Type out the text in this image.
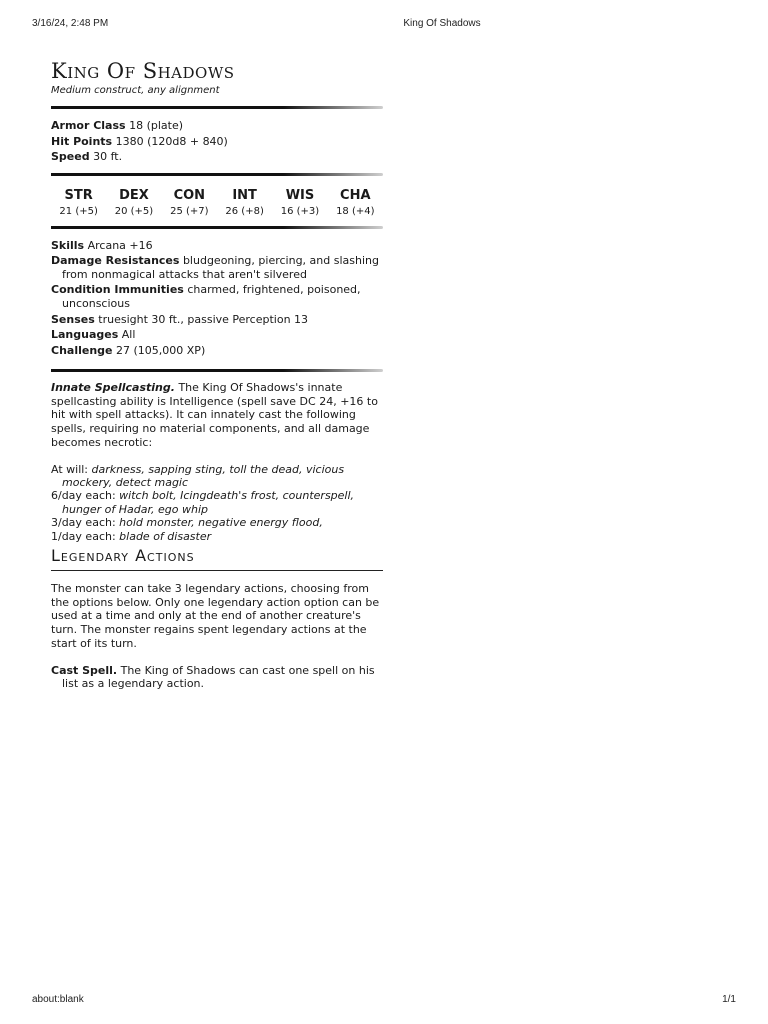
3/16/24, 2:48 PM	King Of Shadows
King Of Shadows
Medium construct, any alignment
Armor Class 18 (plate)
Hit Points 1380 (120d8 + 840)
Speed 30 ft.
STR
21 (+5)
DEX
20 (+5)
CON
25 (+7)
INT
26 (+8)
WIS
16 (+3)
CHA
18 (+4)
Skills Arcana +16
Damage Resistances bludgeoning, piercing, and slashing from nonmagical attacks that aren't silvered
Condition Immunities charmed, frightened, poisoned, unconscious
Senses truesight 30 ft., passive Perception 13
Languages All
Challenge 27 (105,000 XP)

Innate Spellcasting. The King Of Shadows's innate spellcasting ability is Intelligence (spell save DC 24, +16 to hit with spell attacks). It can innately cast the following spells, requiring no material components, and all damage becomes necrotic:

At will: darkness, sapping sting, toll the dead, vicious mockery, detect magic
6/day each: witch bolt, Icingdeath's frost, counterspell, hunger of Hadar, ego whip
3/day each: hold monster, negative energy flood,
1/day each: blade of disaster
Legendary Actions

The monster can take 3 legendary actions, choosing from the options below. Only one legendary action option can be used at a time and only at the end of another creature's turn. The monster regains spent legendary actions at the start of its turn.

Cast Spell. The King of Shadows can cast one spell on his list as a legendary action.
about:blank	1/1
